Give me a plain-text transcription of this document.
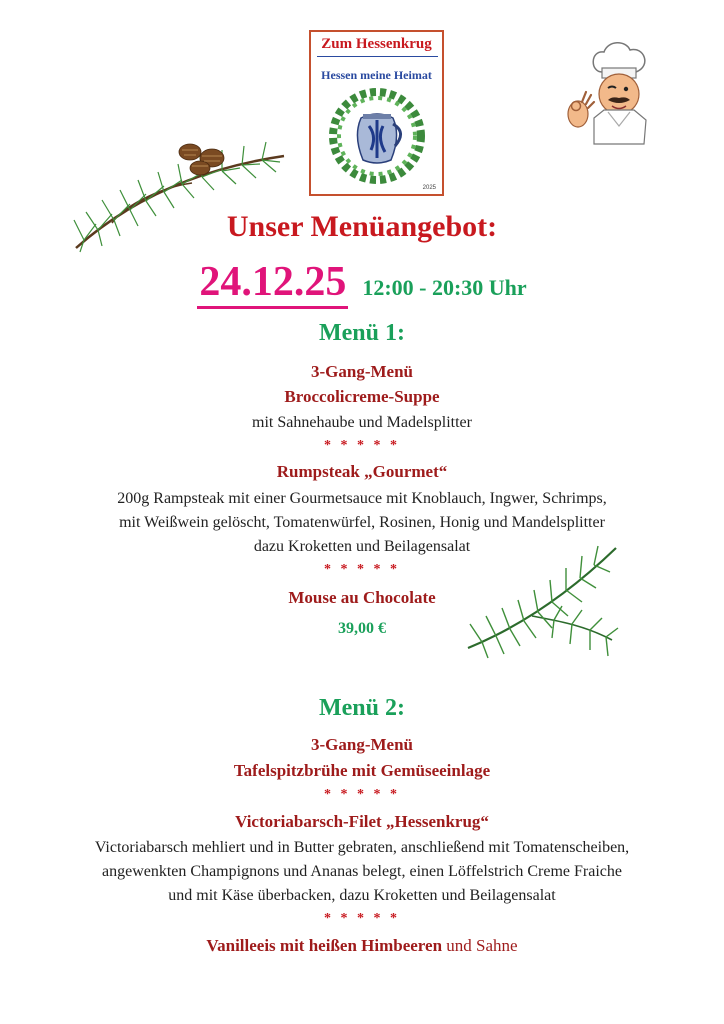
Zum Hessenkrug
Hessen meine Heimat
2025
Unser Menüangebot:
24.12.25 12:00 - 20:30 Uhr
Menü 1:
3-Gang-Menü
Broccolicreme-Suppe
mit Sahnehaube und Madelsplitter
* * * * *
Rumpsteak „Gourmet“
200g Rampsteak mit einer Gourmetsauce mit Knoblauch, Ingwer, Schrimps,
mit Weißwein gelöscht, Tomatenwürfel, Rosinen, Honig und Mandelsplitter
dazu Kroketten und Beilagensalat
* * * * *
Mouse au Chocolate
39,00 €
Menü 2:
3-Gang-Menü
Tafelspitzbrühe mit Gemüseeinlage
* * * * *
Victoriabarsch-Filet „Hessenkrug“
Victoriabarsch mehliert und in Butter gebraten, anschließend mit Tomatenscheiben,
angewenkten Champignons und Ananas belegt, einen Löffelstrich Creme Fraiche
und mit Käse überbacken, dazu Kroketten und Beilagensalat
* * * * *
Vanilleeis mit heißen Himbeeren und Sahne
